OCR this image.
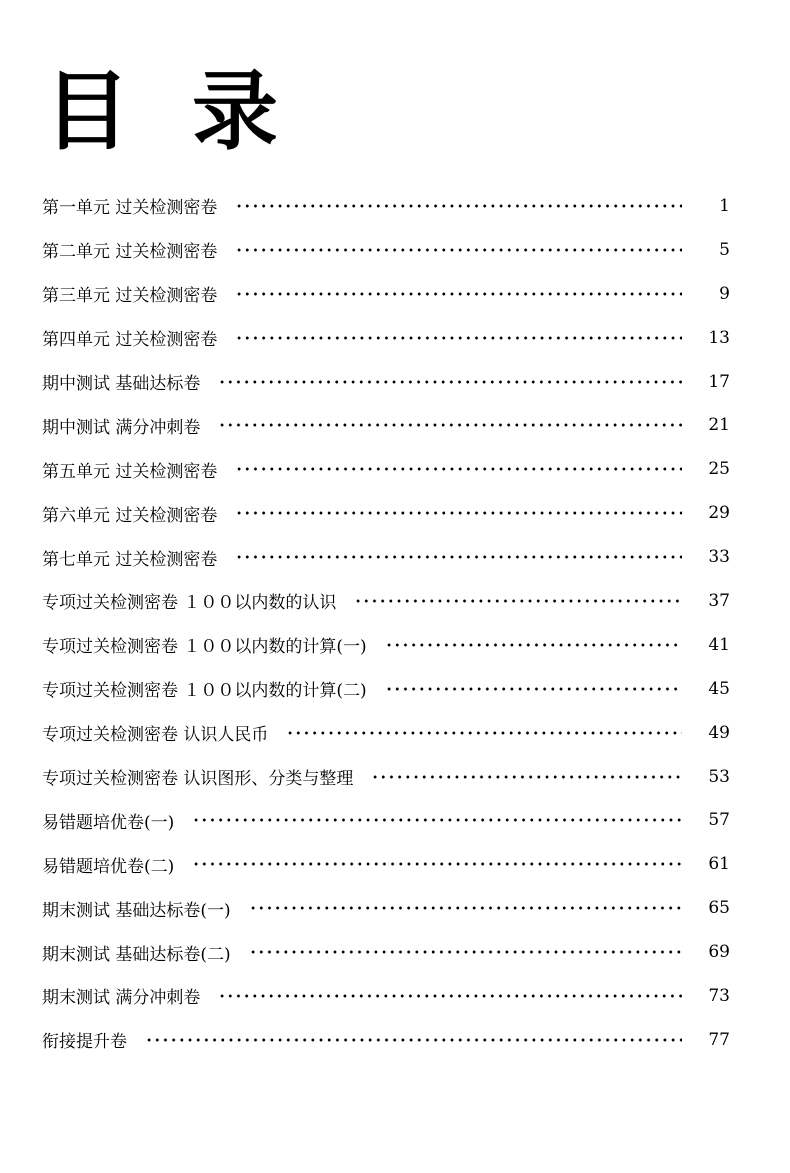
目 录
第一单元 过关检测密卷	1
第二单元 过关检测密卷	5
第三单元 过关检测密卷	9
第四单元 过关检测密卷	13
期中测试 基础达标卷	17
期中测试 满分冲刺卷	21
第五单元 过关检测密卷	25
第六单元 过关检测密卷	29
第七单元 过关检测密卷	33
专项过关检测密卷 １００以内数的认识	37
专项过关检测密卷 １００以内数的计算(一)	41
专项过关检测密卷 １００以内数的计算(二)	45
专项过关检测密卷 认识人民币	49
专项过关检测密卷 认识图形、分类与整理	53
易错题培优卷(一)	57
易错题培优卷(二)	61
期末测试 基础达标卷(一)	65
期末测试 基础达标卷(二)	69
期末测试 满分冲刺卷	73
衔接提升卷	77
